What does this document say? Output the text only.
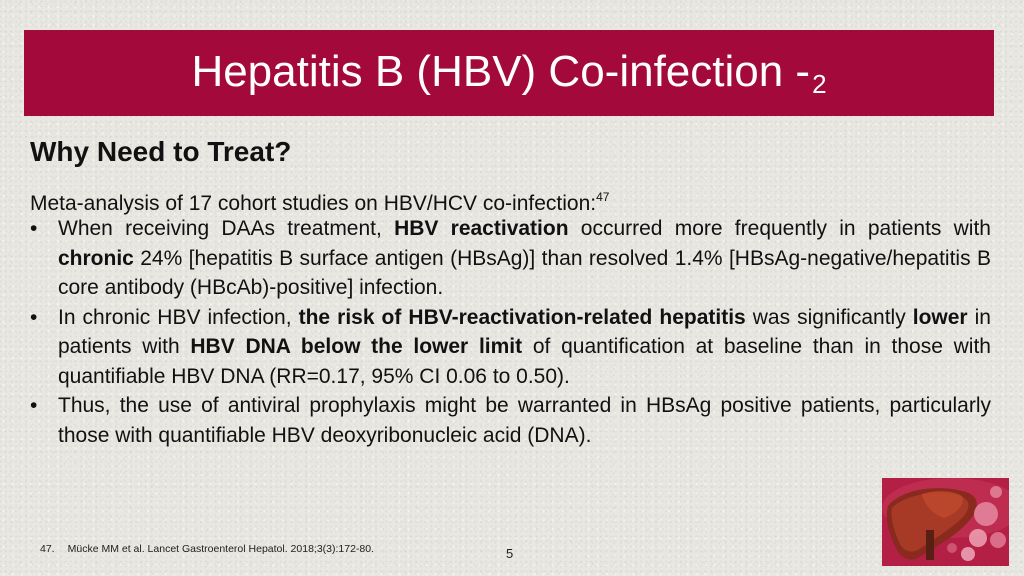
Hepatitis B (HBV) Co-infection -2
Why Need to Treat?
Meta-analysis of 17 cohort studies on HBV/HCV co-infection:$^{47}$
• When receiving DAAs treatment, HBV reactivation occurred more frequently in patients with chronic 24% [hepatitis B surface antigen (HBsAg)] than resolved 1.4% [HBsAg-negative/hepatitis B core antibody (HBcAb)-positive] infection.
• In chronic HBV infection, the risk of HBV-reactivation-related hepatitis was significantly lower in patients with HBV DNA below the lower limit of quantification at baseline than in those with quantifiable HBV DNA (RR=0.17, 95% CI 0.06 to 0.50).
• Thus, the use of antiviral prophylaxis might be warranted in HBsAg positive patients, particularly those with quantifiable HBV deoxyribonucleic acid (DNA).
47. Mücke MM et al. Lancet Gastroenterol Hepatol. 2018;3(3):172-80.	5
